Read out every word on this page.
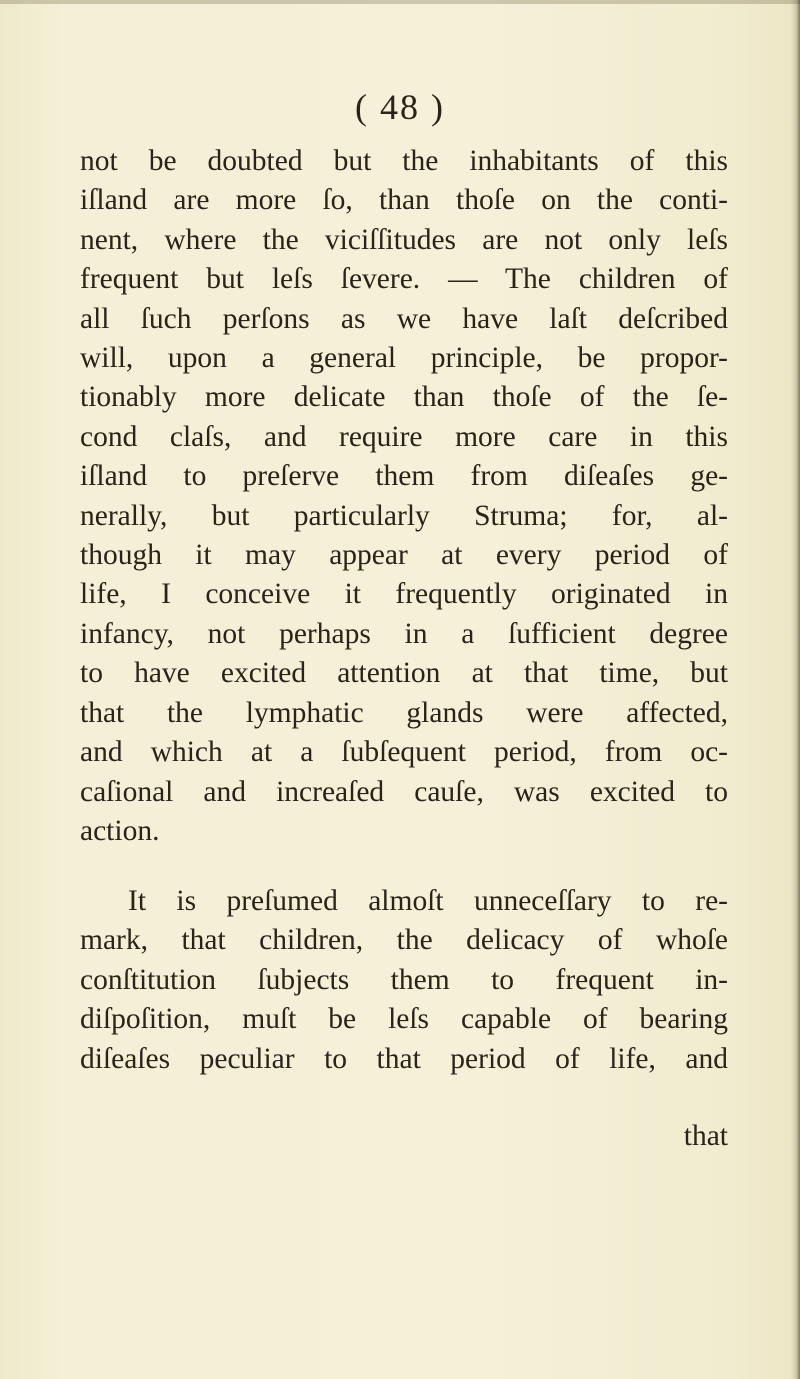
( 48 )
not be doubted but the inhabitants of this
iſland are more ſo, than thoſe on the conti-
nent, where the viciſſitudes are not only leſs
frequent but leſs ſevere. — The children of
all ſuch perſons as we have laſt deſcribed
will, upon a general principle, be propor-
tionably more delicate than thoſe of the ſe-
cond claſs, and require more care in this
iſland to preſerve them from diſeaſes ge-
nerally, but particularly Struma; for, al-
though it may appear at every period of
life, I conceive it frequently originated in
infancy, not perhaps in a ſufficient degree
to have excited attention at that time, but
that the lymphatic glands were affected,
and which at a ſubſequent period, from oc-
caſional and increaſed cauſe, was excited to
action.
It is preſumed almoſt unneceſſary to re-
mark, that children, the delicacy of whoſe
conſtitution ſubjects them to frequent in-
diſpoſition, muſt be leſs capable of bearing
diſeaſes peculiar to that period of life, and
that
